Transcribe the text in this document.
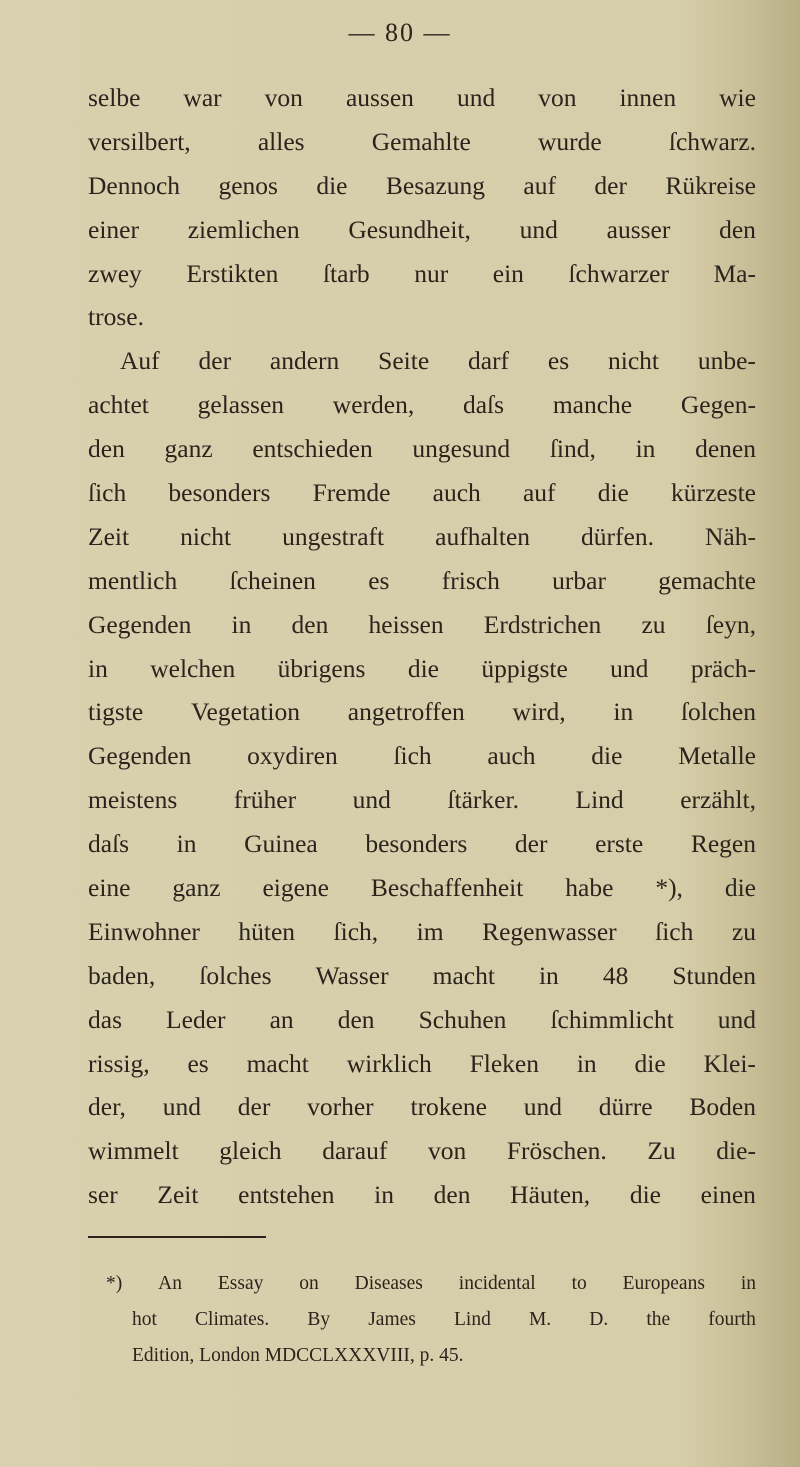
— 80 —
selbe war von aussen und von innen wie
versilbert,	alles	Gemahlte	wurde	ſchwarz.
Dennoch genos die Besazung auf der Rükreise
einer ziemlichen Gesundheit, und ausser den
zwey Erstikten ſtarb nur ein ſchwarzer Ma-
trose.
Auf der andern Seite darf es nicht unbe-
achtet gelassen werden, daſs manche Gegen-
den ganz entschieden ungesund ſind, in denen
ſich besonders Fremde auch auf die kürzeste
Zeit nicht ungestraft aufhalten dürfen. Näh-
mentlich ſcheinen es frisch urbar gemachte
Gegenden in den heissen Erdstrichen zu ſeyn,
in welchen übrigens die üppigste und präch-
tigste Vegetation angetroffen wird, in ſolchen
Gegenden oxydiren ſich auch die Metalle
meistens früher und ſtärker. Lind erzählt,
daſs in Guinea besonders der erste Regen
eine ganz eigene Beschaffenheit habe *), die
Einwohner hüten ſich, im Regenwasser ſich zu
baden, ſolches Wasser macht in 48 Stunden
das Leder an den Schuhen ſchimmlicht und
rissig, es macht wirklich Fleken in die Klei-
der, und der vorher trokene und dürre Boden
wimmelt gleich darauf von Fröschen. Zu die-
ser Zeit entstehen in den Häuten, die einen
*) An Essay on Diseases incidental to Europeans in
hot Climates. By James Lind M. D. the fourth
Edition, London MDCCLXXXVIII, p. 45.
